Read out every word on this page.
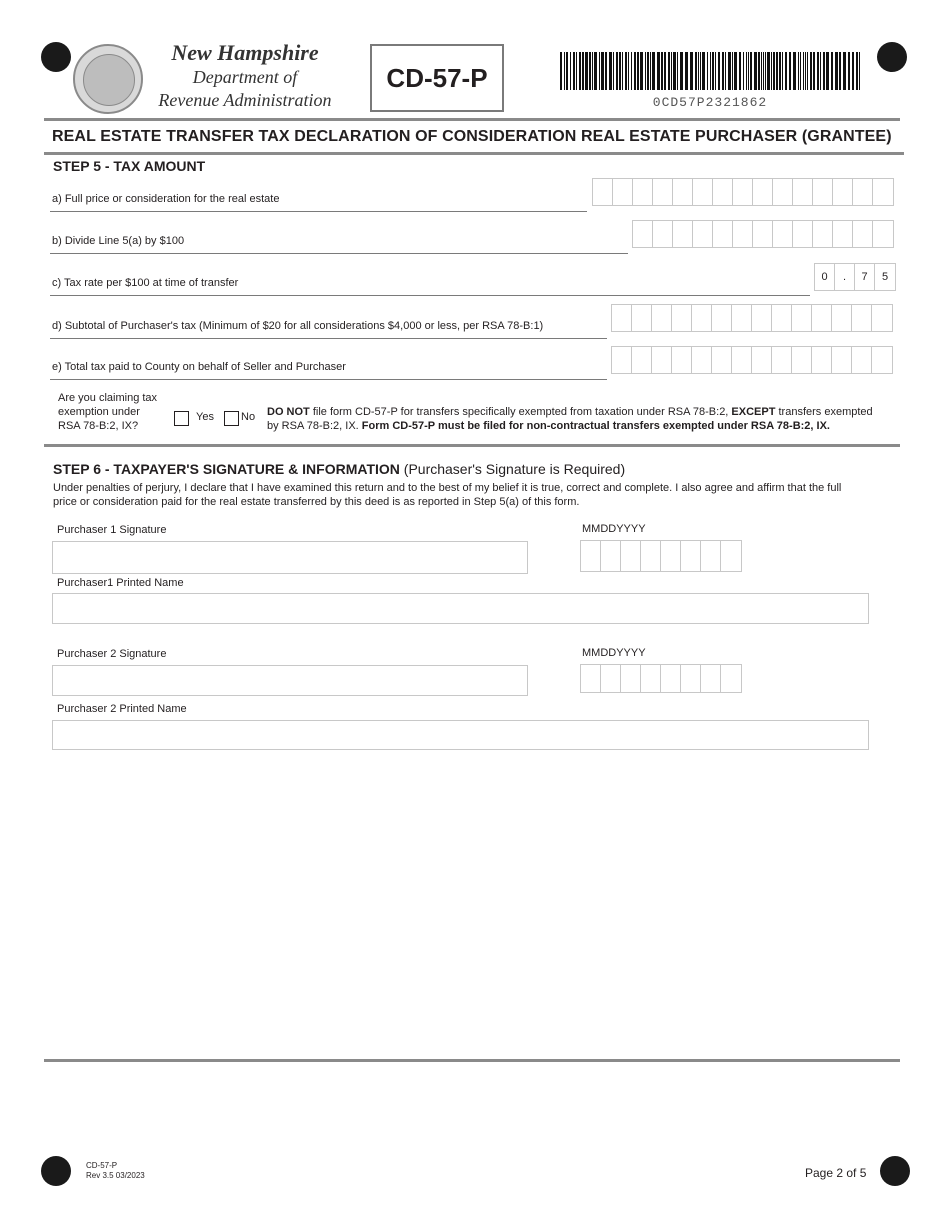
New Hampshire
Department of
Revenue Administration
CD-57-P
0CD57P2321862
REAL ESTATE TRANSFER TAX DECLARATION OF CONSIDERATION REAL ESTATE PURCHASER (GRANTEE)
STEP 5 - TAX AMOUNT
a) Full price or consideration for the real estate
b) Divide Line 5(a) by $100
c) Tax rate per $100 at time of transfer	0	.	7	5
d) Subtotal of Purchaser's tax (Minimum of $20 for all considerations $4,000 or less, per RSA 78-B:1)
e) Total tax paid to County on behalf of Seller and Purchaser
Are you claiming tax
exemption under
RSA 78-B:2, IX?
Yes No DO NOT file form CD-57-P for transfers specifically exempted from taxation under RSA 78-B:2, EXCEPT transfers exempted
by RSA 78-B:2, IX. Form CD-57-P must be filed for non-contractual transfers exempted under RSA 78-B:2, IX.
STEP 6 - TAXPAYER'S SIGNATURE & INFORMATION (Purchaser's Signature is Required)
Under penalties of perjury, I declare that I have examined this return and to the best of my belief it is true, correct and complete. I also agree and affirm that the full
price or consideration paid for the real estate transferred by this deed is as reported in Step 5(a) of this form.
Purchaser 1 Signature	MMDDYYYY
Purchaser1 Printed Name
Purchaser 2 Signature	MMDDYYYY
Purchaser 2 Printed Name
CD-57-P
Rev 3.5 03/2023	Page 2 of 5
